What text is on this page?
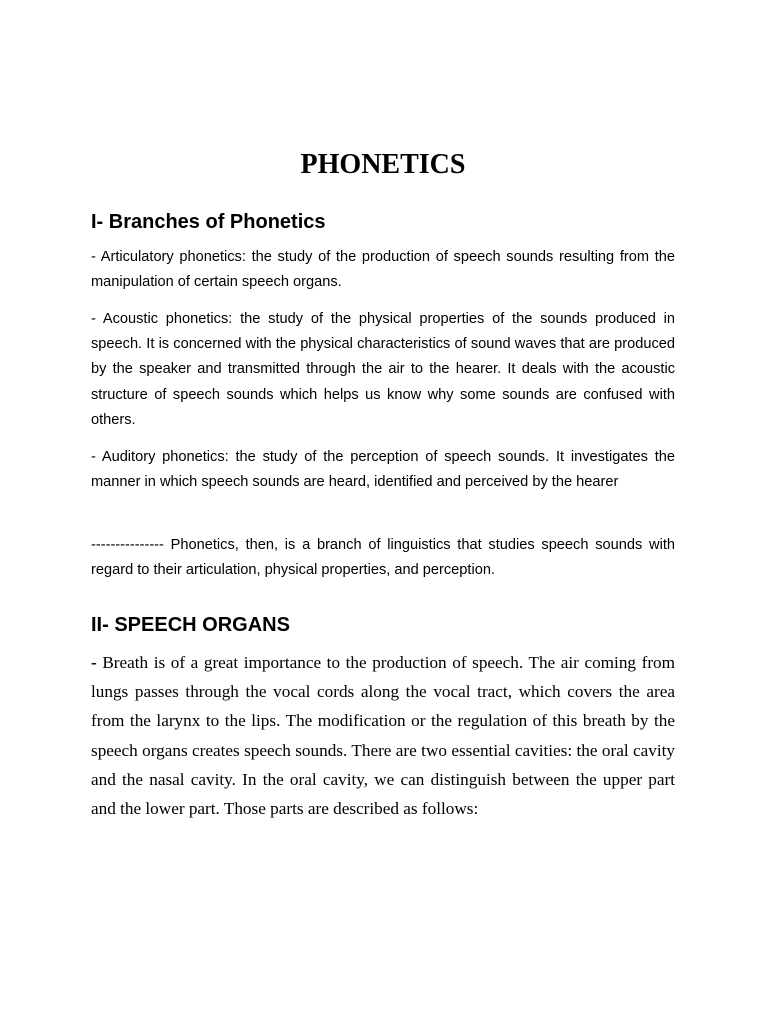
PHONETICS
I- Branches of Phonetics

- Articulatory phonetics: the study of the production of speech sounds resulting from the manipulation of certain speech organs.

- Acoustic phonetics: the study of the physical properties of the sounds produced in speech. It is concerned with the physical characteristics of sound waves that are produced by the speaker and transmitted through the air to the hearer. It deals with the acoustic structure of speech sounds which helps us know why some sounds are confused with others.

- Auditory phonetics: the study of the perception of speech sounds. It investigates the manner in which speech sounds are heard, identified and perceived by the hearer

--------------- Phonetics, then, is a branch of linguistics that studies speech sounds with regard to their articulation, physical properties, and perception.

II- SPEECH ORGANS

- Breath is of a great importance to the production of speech. The air coming from lungs passes through the vocal cords along the vocal tract, which covers the area from the larynx to the lips. The modification or the regulation of this breath by the speech organs creates speech sounds. There are two essential cavities: the oral cavity and the nasal cavity. In the oral cavity, we can distinguish between the upper part and the lower part. Those parts are described as follows:
